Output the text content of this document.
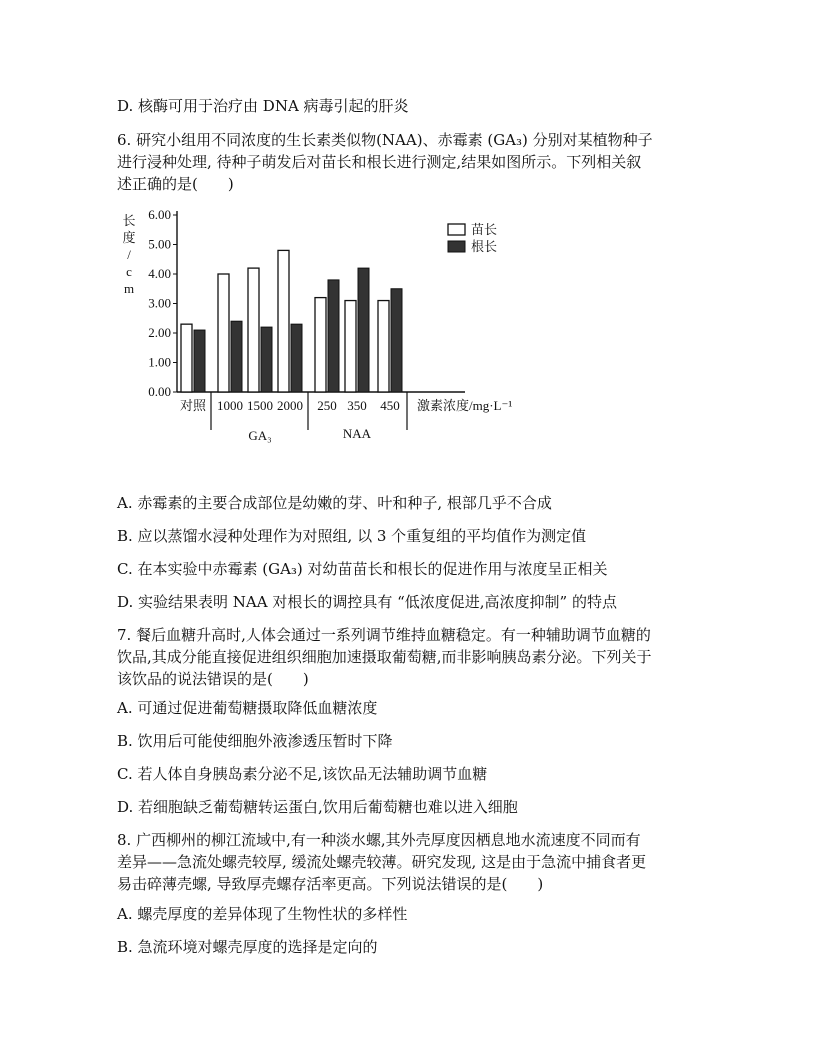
D. 核酶可用于治疗由 DNA 病毒引起的肝炎
6. 研究小组用不同浓度的生长素类似物(NAA)、赤霉素 (GA₃) 分别对某植物种子
进行浸种处理, 待种子萌发后对苗长和根长进行测定,结果如图所示。下列相关叙
述正确的是(　　)
长
度
/
c
m
0.00
1.00
2.00
3.00
4.00
5.00
6.00
对照 1000 1500 2000 250 350 450
GA₃	NAA
激素浓度/mg·L⁻¹
苗长
根长
A. 赤霉素的主要合成部位是幼嫩的芽、叶和种子, 根部几乎不合成
B. 应以蒸馏水浸种处理作为对照组, 以 3 个重复组的平均值作为测定值
C. 在本实验中赤霉素 (GA₃) 对幼苗苗长和根长的促进作用与浓度呈正相关
D. 实验结果表明 NAA 对根长的调控具有 “低浓度促进,高浓度抑制” 的特点
7. 餐后血糖升高时,人体会通过一系列调节维持血糖稳定。有一种辅助调节血糖的
饮品,其成分能直接促进组织细胞加速摄取葡萄糖,而非影响胰岛素分泌。下列关于
该饮品的说法错误的是(　　)
A. 可通过促进葡萄糖摄取降低血糖浓度
B. 饮用后可能使细胞外液渗透压暂时下降
C. 若人体自身胰岛素分泌不足,该饮品无法辅助调节血糖
D. 若细胞缺乏葡萄糖转运蛋白,饮用后葡萄糖也难以进入细胞
8. 广西柳州的柳江流域中,有一种淡水螺,其外壳厚度因栖息地水流速度不同而有
差异——急流处螺壳较厚, 缓流处螺壳较薄。研究发现, 这是由于急流中捕食者更
易击碎薄壳螺, 导致厚壳螺存活率更高。下列说法错误的是(　　)
A. 螺壳厚度的差异体现了生物性状的多样性
B. 急流环境对螺壳厚度的选择是定向的
